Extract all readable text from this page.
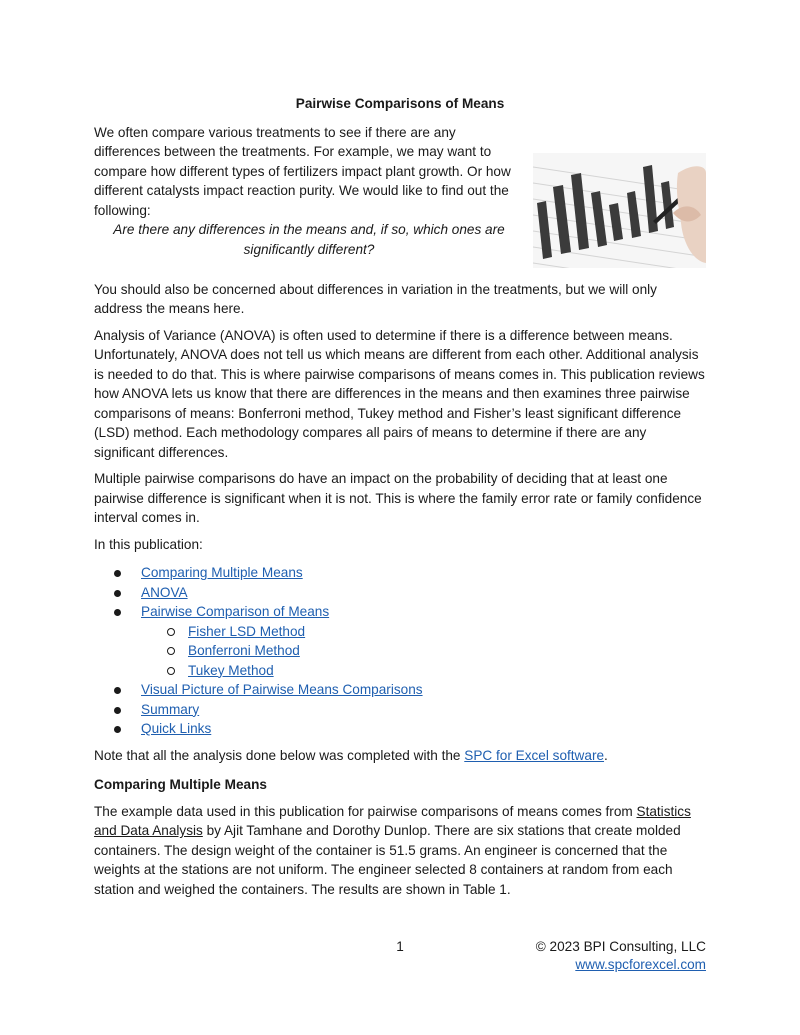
Pairwise Comparisons of Means

We often compare various treatments to see if there are any differences between the treatments. For example, we may want to compare how different types of fertilizers impact plant growth. Or how different catalysts impact reaction purity. We would like to find out the following:

Are there any differences in the means and, if so, which ones are significantly different?

You should also be concerned about differences in variation in the treatments, but we will only address the means here.

Analysis of Variance (ANOVA) is often used to determine if there is a difference between means. Unfortunately, ANOVA does not tell us which means are different from each other. Additional analysis is needed to do that. This is where pairwise comparisons of means comes in. This publication reviews how ANOVA lets us know that there are differences in the means and then examines three pairwise comparisons of means: Bonferroni method, Tukey method and Fisher’s least significant difference (LSD) method. Each methodology compares all pairs of means to determine if there are any significant differences.

Multiple pairwise comparisons do have an impact on the probability of deciding that at least one pairwise difference is significant when it is not. This is where the family error rate or family confidence interval comes in.

In this publication:

Comparing Multiple Means
ANOVA
Pairwise Comparison of Means
Fisher LSD Method
Bonferroni Method
Tukey Method
Visual Picture of Pairwise Means Comparisons
Summary
Quick Links

Note that all the analysis done below was completed with the SPC for Excel software.

Comparing Multiple Means

The example data used in this publication for pairwise comparisons of means comes from Statistics and Data Analysis by Ajit Tamhane and Dorothy Dunlop. There are six stations that create molded containers. The design weight of the container is 51.5 grams. An engineer is concerned that the weights at the stations are not uniform. The engineer selected 8 containers at random from each station and weighed the containers. The results are shown in Table 1.

1	© 2023 BPI Consulting, LLC
www.spcforexcel.com
